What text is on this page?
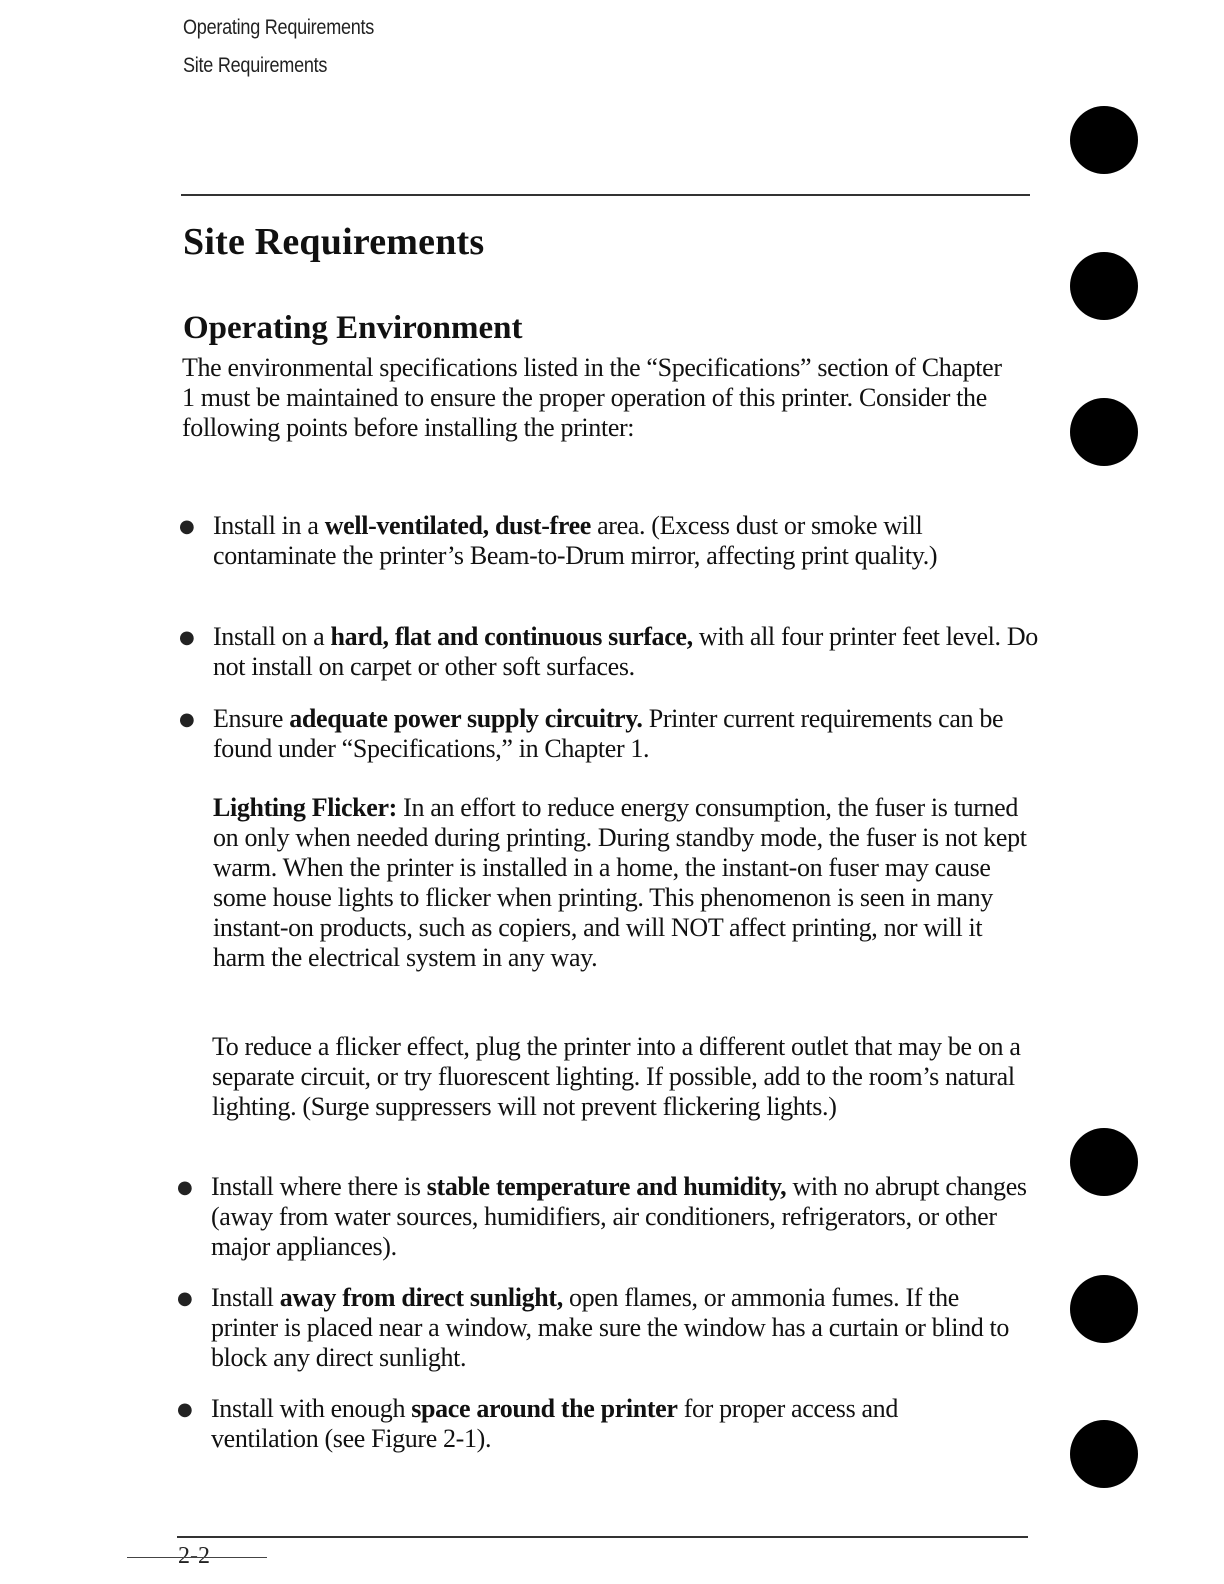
Operating Requirements
Site Requirements
Site Requirements
Operating Environment

The environmental specifications listed in the “Specifications” section of Chapter 1 must be maintained to ensure the proper operation of this printer. Consider the following points before installing the printer:

● Install in a well-ventilated, dust-free area. (Excess dust or smoke will contaminate the printer’s Beam-to-Drum mirror, affecting print quality.)

● Install on a hard, flat and continuous surface, with all four printer feet level. Do not install on carpet or other soft surfaces.

● Ensure adequate power supply circuitry. Printer current requirements can be found under “Specifications,” in Chapter 1.

Lighting Flicker: In an effort to reduce energy consumption, the fuser is turned on only when needed during printing. During standby mode, the fuser is not kept warm. When the printer is installed in a home, the instant-on fuser may cause some house lights to flicker when printing. This phenomenon is seen in many instant-on products, such as copiers, and will NOT affect printing, nor will it harm the electrical system in any way.

To reduce a flicker effect, plug the printer into a different outlet that may be on a separate circuit, or try fluorescent lighting. If possible, add to the room’s natural lighting. (Surge suppressers will not prevent flickering lights.)

● Install where there is stable temperature and humidity, with no abrupt changes (away from water sources, humidifiers, air conditioners, refrigerators, or other major appliances).

● Install away from direct sunlight, open flames, or ammonia fumes. If the printer is placed near a window, make sure the window has a curtain or blind to block any direct sunlight.

● Install with enough space around the printer for proper access and ventilation (see Figure 2-1).

2-2
